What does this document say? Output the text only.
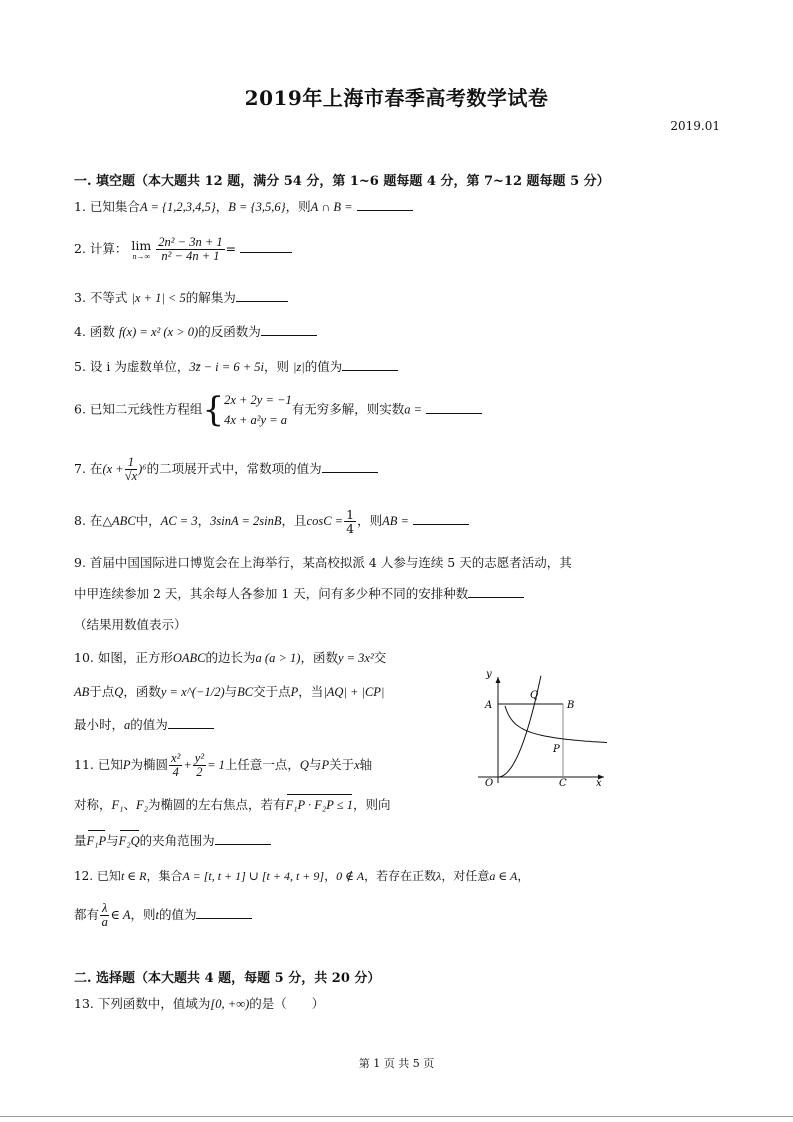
2019年上海市春季高考数学试卷
2019.01
一. 填空题（本大题共 12 题，满分 54 分，第 1~6 题每题 4 分，第 7~12 题每题 5 分）
1. 已知集合A = {1,2,3,4,5}，B = {3,5,6}，则A ∩ B =
2. 计算： lim
n→∞
$\frac{\text{2n² − 3n + 1}}{\text{n² − 4n + 1}}$ =
3. 不等式 |x + 1| < 5的解集为
4. 函数 f(x) = x² (x > 0)的反函数为
5. 设 i 为虚数单位，3z̄ − i = 6 + 5i，则 |z|的值为
6. 已知二元线性方程组{ 2x + 2y = −1
4x + a²y = a
有无穷多解，则实数a =
7. 在$(x + \frac{1}{√x} )^6$的二项展开式中，常数项的值为
8. 在△ABC中，AC = 3，3sinA = 2sinB，且$\cos C = \frac{1}{4}$ ，则AB =
9. 首届中国国际进口博览会在上海举行，某高校拟派 4 人参与连续 5 天的志愿者活动，其
中甲连续参加 2 天，其余每人各参加 1 天，问有多少种不同的安排种数
（结果用数值表示）
10. 如图，正方形OABC的边长为a (a > 1)，函数y = 3x²交
AB于点Q，函数y = x^(−1/2)与BC交于点P，当|AQ| + |CP|
最小时，a的值为
y
x
O
A	B
C
P
Q
11. 已知P为椭圆 $\frac{\text{x²}}{4} + \frac{\text{y²}}{2} = 1$上任意一点，Q与P关于x轴
对称，F₁、F₂为椭圆的左右焦点，若有F₁P · F₂P ≤ 1，则向
量F₁P与F₂Q的夹角范围为
12. 已知t ∈ R，集合A = [t, t + 1] ∪ [t + 4, t + 9]，0 ∉ A，若存在正数λ，对任意a ∈ A，
都有 $\frac{\lambda}{a}$ ∈ A，则t的值为
二. 选择题（本大题共 4 题，每题 5 分，共 20 分）
13. 下列函数中，值域为[0, +∞)的是（　　）
第 1 页 共 5 页
